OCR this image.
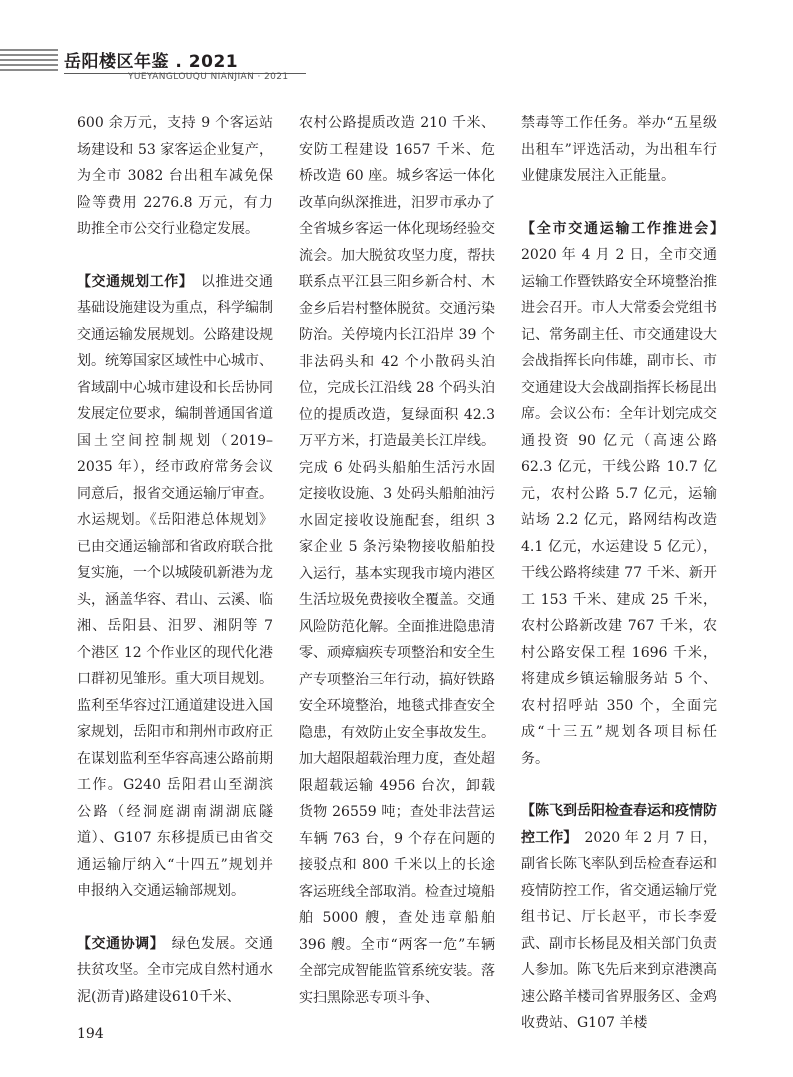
岳阳楼区年鉴 . 2021
YUEYANGLOUQU NIANJIAN · 2021

600 余万元，支持 9 个客运站场建设和 53 家客运企业复产，为全市 3082 台出租车减免保险等费用 2276.8 万元，有力助推全市公交行业稳定发展。

【交通规划工作】　 以推进交通基础设施建设为重点，科学编制交通运输发展规划。公路建设规划。统筹国家区域性中心城市、省域副中心城市建设和长岳协同发展定位要求，编制普通国省道国土空间控制规划（2019–2035 年），经市政府常务会议同意后，报省交通运输厅审查。水运规划。《岳阳港总体规划》已由交通运输部和省政府联合批复实施，一个以城陵矶新港为龙头，涵盖华容、君山、云溪、临湘、岳阳县、汨罗、湘阴等 7 个港区 12 个作业区的现代化港口群初见雏形。重大项目规划。监利至华容过江通道建设进入国家规划，岳阳市和荆州市政府正在谋划监利至华容高速公路前期工作。G240 岳阳君山至湖滨公路（经洞庭湖南湖湖底隧道）、G107 东移提质已由省交通运输厅纳入“十四五”规划并申报纳入交通运输部规划。

【交通协调】　 绿色发展。交通扶贫攻坚。全市完成自然村通水泥(沥青)路建设610千米、

农村公路提质改造 210 千米、安防工程建设 1657 千米、危桥改造 60 座。城乡客运一体化改革向纵深推进，汨罗市承办了全省城乡客运一体化现场经验交流会。加大脱贫攻坚力度，帮扶联系点平江县三阳乡新合村、木金乡后岩村整体脱贫。交通污染防治。关停境内长江沿岸 39 个非法码头和 42 个小散码头泊位，完成长江沿线 28 个码头泊位的提质改造，复绿面积 42.3 万平方米，打造最美长江岸线。完成 6 处码头船舶生活污水固定接收设施、3 处码头船舶油污水固定接收设施配套，组织 3 家企业 5 条污染物接收船舶投入运行，基本实现我市境内港区生活垃圾免费接收全覆盖。交通风险防范化解。全面推进隐患清零、顽瘴痼疾专项整治和安全生产专项整治三年行动，搞好铁路安全环境整治，地毯式排查安全隐患，有效防止安全事故发生。加大超限超载治理力度，查处超限超载运输 4956 台次，卸载货物 26559 吨；查处非法营运车辆 763 台，9 个存在问题的接驳点和 800 千米以上的长途客运班线全部取消。检查过境船舶 5000 艘，查处违章船舶 396 艘。全市“两客一危”车辆全部完成智能监管系统安装。落实扫黑除恶专项斗争、

禁毒等工作任务。举办“五星级出租车”评选活动，为出租车行业健康发展注入正能量。

【全市交通运输工作推进会】　2020 年 4 月 2 日，全市交通运输工作暨铁路安全环境整治推进会召开。市人大常委会党组书记、常务副主任、市交通建设大会战指挥长向伟雄，副市长、市交通建设大会战副指挥长杨昆出席。会议公布：全年计划完成交通投资 90 亿元（高速公路 62.3 亿元，干线公路 10.7 亿元，农村公路 5.7 亿元，运输站场 2.2 亿元，路网结构改造 4.1 亿元，水运建设 5 亿元），干线公路将续建 77 千米、新开工 153 千米、建成 25 千米，农村公路新改建 767 千米，农村公路安保工程 1696 千米，将建成乡镇运输服务站 5 个、农村招呼站 350 个，全面完成“十三五”规划各项目标任务。

【陈飞到岳阳检查春运和疫情防控工作】　 2020 年 2 月 7 日，副省长陈飞率队到岳检查春运和疫情防控工作，省交通运输厅党组书记、厅长赵平，市长李爱武、副市长杨昆及相关部门负责人参加。陈飞先后来到京港澳高速公路羊楼司省界服务区、金鸡收费站、G107 羊楼

194
